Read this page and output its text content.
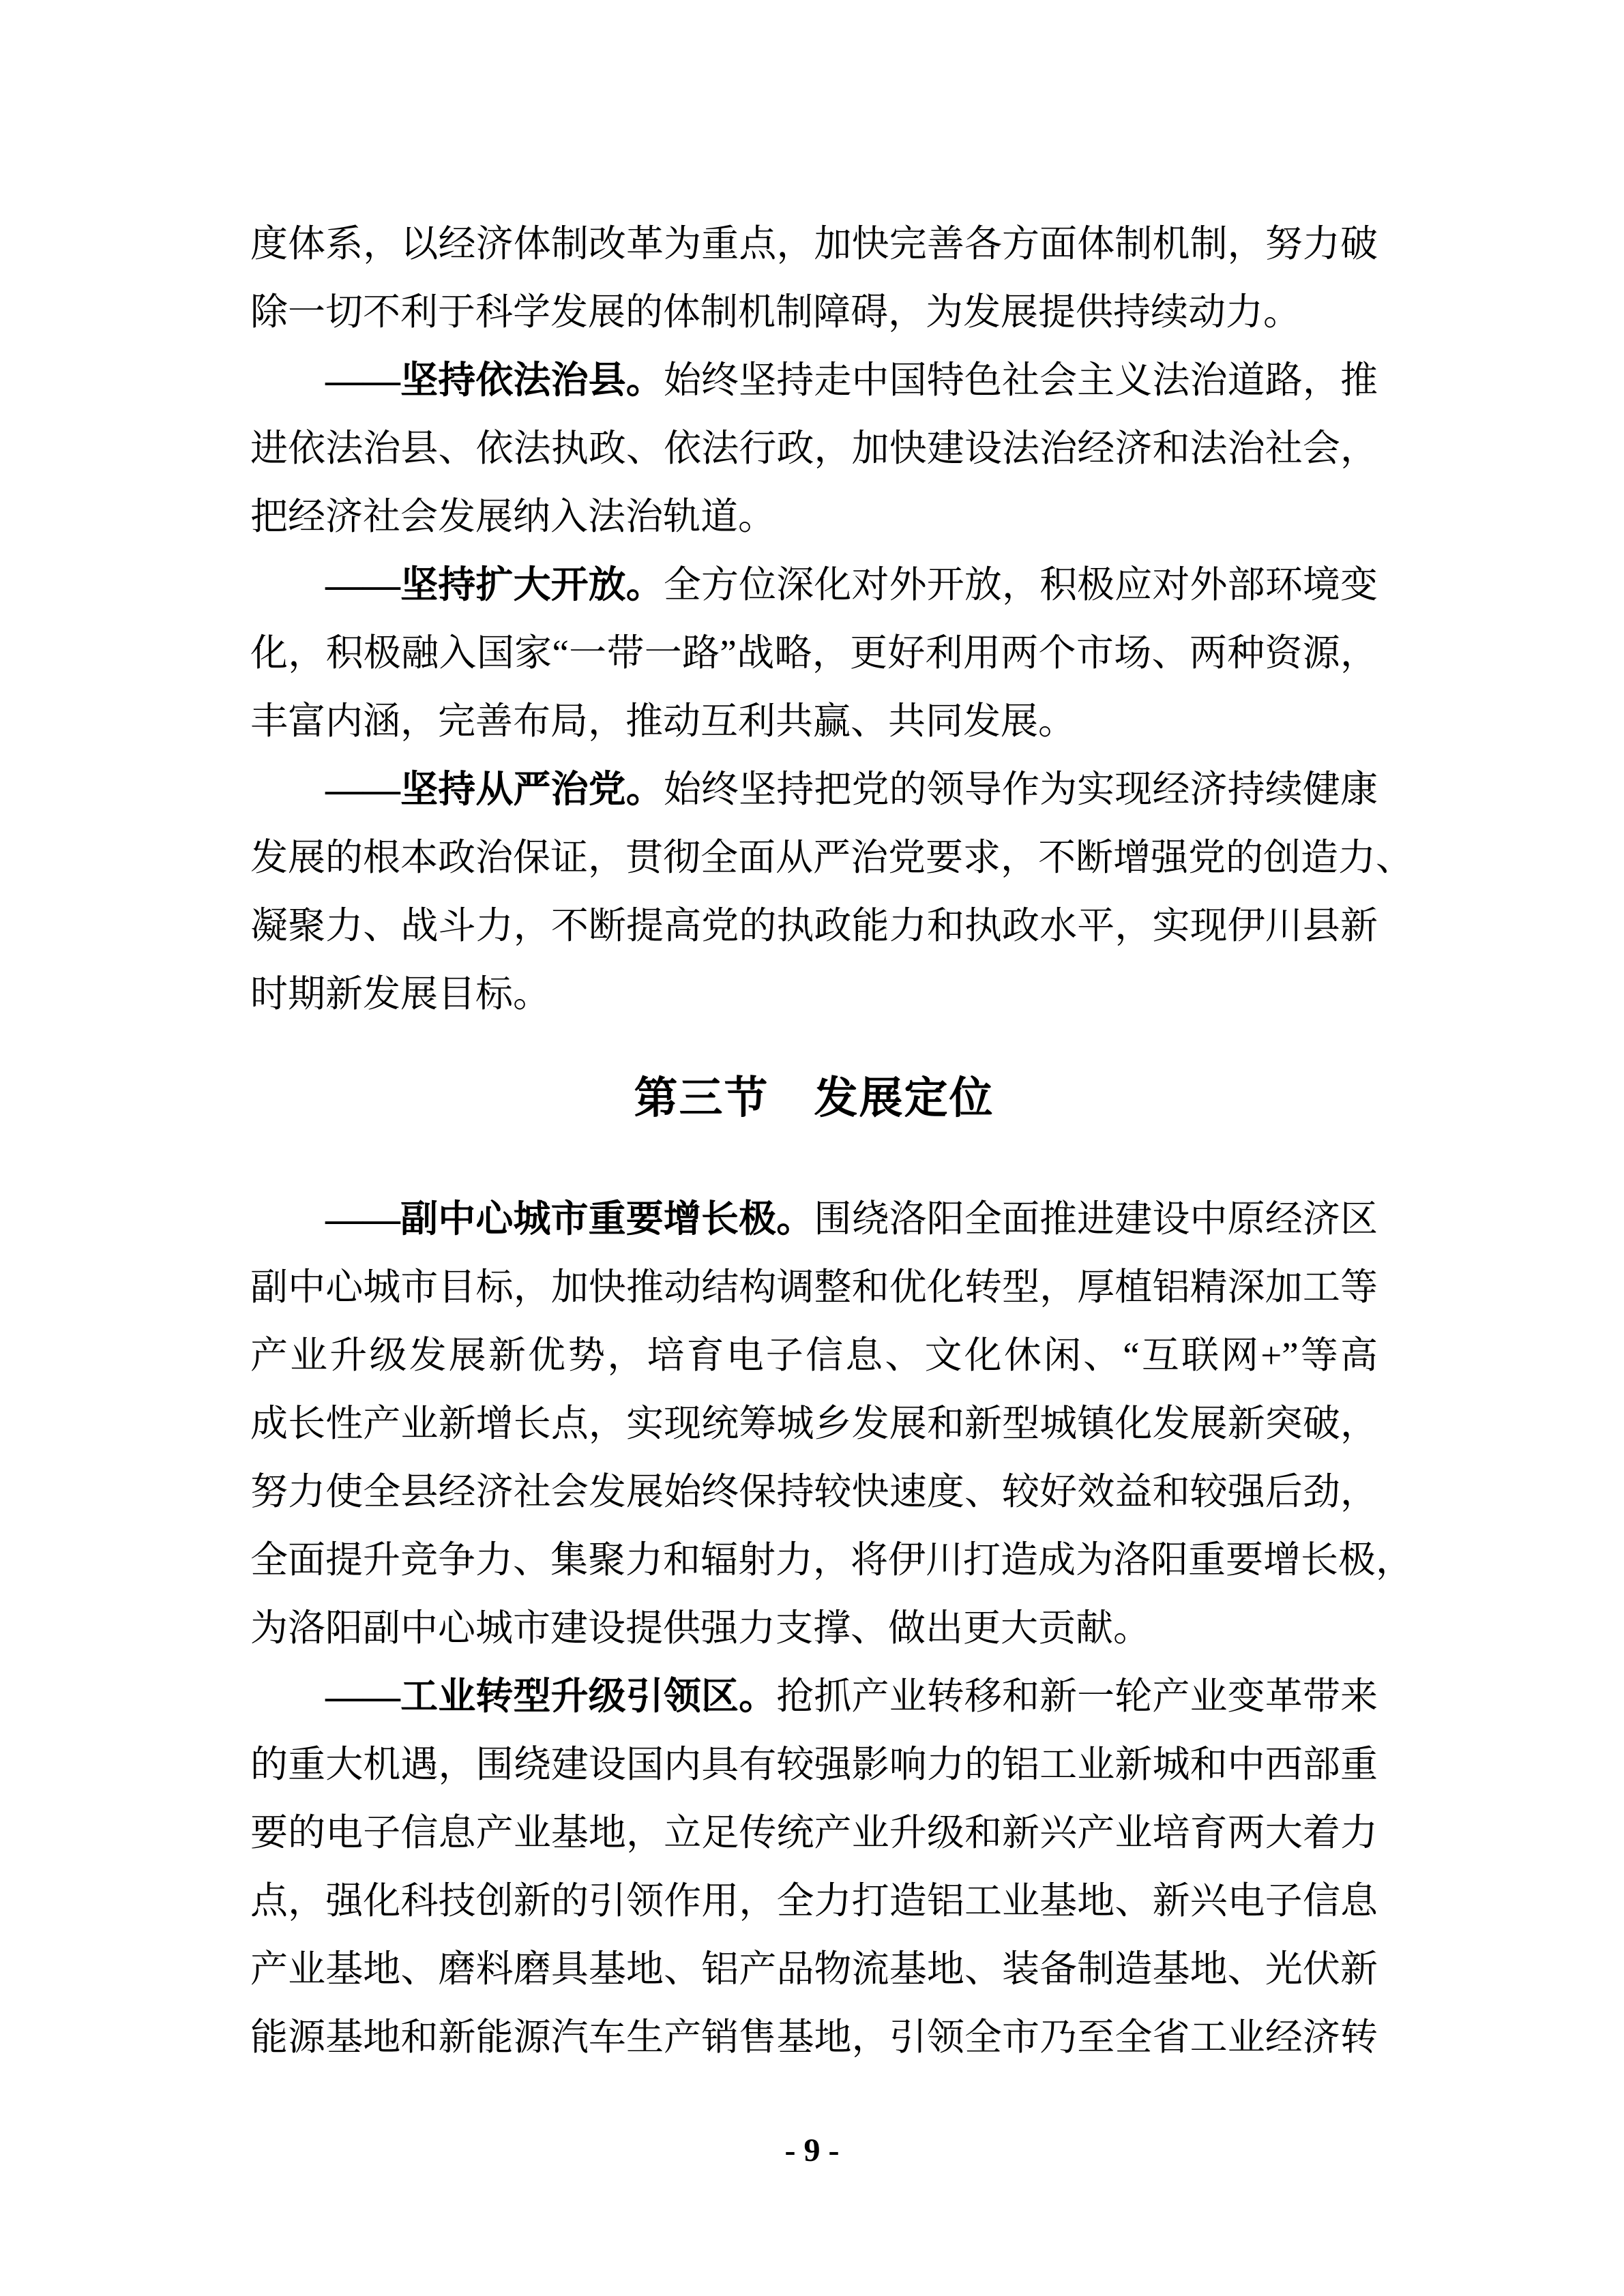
度体系，以经济体制改革为重点，加快完善各方面体制机制，努力破
除一切不利于科学发展的体制机制障碍，为发展提供持续动力。
——坚持依法治县。始终坚持走中国特色社会主义法治道路，推
进依法治县、依法执政、依法行政，加快建设法治经济和法治社会，
把经济社会发展纳入法治轨道。
——坚持扩大开放。全方位深化对外开放，积极应对外部环境变
化，积极融入国家“一带一路”战略，更好利用两个市场、两种资源，
丰富内涵，完善布局，推动互利共赢、共同发展。
——坚持从严治党。始终坚持把党的领导作为实现经济持续健康
发展的根本政治保证，贯彻全面从严治党要求，不断增强党的创造力、
凝聚力、战斗力，不断提高党的执政能力和执政水平，实现伊川县新
时期新发展目标。
第三节　发展定位
——副中心城市重要增长极。围绕洛阳全面推进建设中原经济区
副中心城市目标，加快推动结构调整和优化转型，厚植铝精深加工等
产业升级发展新优势，培育电子信息、文化休闲、“互联网+”等高
成长性产业新增长点，实现统筹城乡发展和新型城镇化发展新突破，
努力使全县经济社会发展始终保持较快速度、较好效益和较强后劲，
全面提升竞争力、集聚力和辐射力，将伊川打造成为洛阳重要增长极，
为洛阳副中心城市建设提供强力支撑、做出更大贡献。
——工业转型升级引领区。抢抓产业转移和新一轮产业变革带来
的重大机遇，围绕建设国内具有较强影响力的铝工业新城和中西部重
要的电子信息产业基地，立足传统产业升级和新兴产业培育两大着力
点，强化科技创新的引领作用，全力打造铝工业基地、新兴电子信息
产业基地、磨料磨具基地、铝产品物流基地、装备制造基地、光伏新
能源基地和新能源汽车生产销售基地，引领全市乃至全省工业经济转
- 9 -
